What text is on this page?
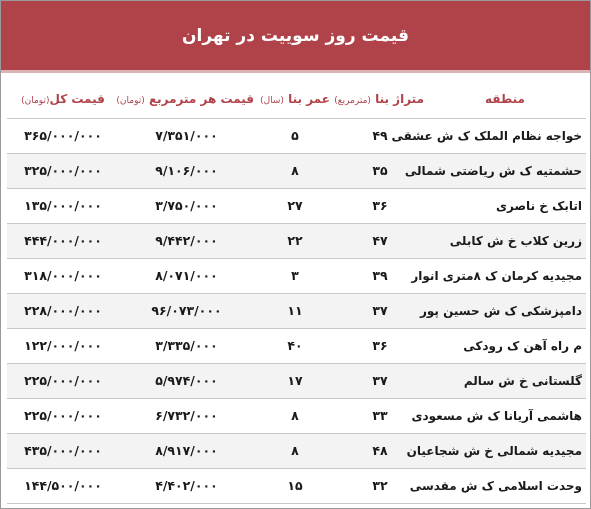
قیمت روز سوییت در تهران
منطقه	متراژ بنا (مترمربع)	عمر بنا (سال)	قیمت هر مترمربع (تومان)	قیمت کل(تومان)
خواجه نظام الملک ک ش عشقی	۴۹	۵	۷/۳۵۱/۰۰۰	۳۶۵/۰۰۰/۰۰۰
حشمتیه ک ش ریاضتی شمالی	۳۵	۸	۹/۱۰۶/۰۰۰	۳۲۵/۰۰۰/۰۰۰
اتابک خ ناصری	۳۶	۲۷	۳/۷۵۰/۰۰۰	۱۳۵/۰۰۰/۰۰۰
زرین کلاب خ ش کابلی	۴۷	۲۲	۹/۴۴۲/۰۰۰	۴۴۴/۰۰۰/۰۰۰
مجیدیه کرمان ک ۸متری انوار	۳۹	۳	۸/۰۷۱/۰۰۰	۳۱۸/۰۰۰/۰۰۰
دامپزشکی ک ش حسین پور	۳۷	۱۱	۹۶/۰۷۳/۰۰۰	۲۲۸/۰۰۰/۰۰۰
م راه آهن ک رودکی	۳۶	۴۰	۳/۳۳۵/۰۰۰	۱۲۲/۰۰۰/۰۰۰
گلستانی خ ش سالم	۳۷	۱۷	۵/۹۷۴/۰۰۰	۲۲۵/۰۰۰/۰۰۰
هاشمی آریانا ک ش مسعودی	۳۳	۸	۶/۷۳۲/۰۰۰	۲۲۵/۰۰۰/۰۰۰
مجیدیه شمالی خ ش شجاعیان	۴۸	۸	۸/۹۱۷/۰۰۰	۴۳۵/۰۰۰/۰۰۰
وحدت اسلامی ک ش مقدسی	۳۲	۱۵	۴/۴۰۲/۰۰۰	۱۴۴/۵۰۰/۰۰۰
